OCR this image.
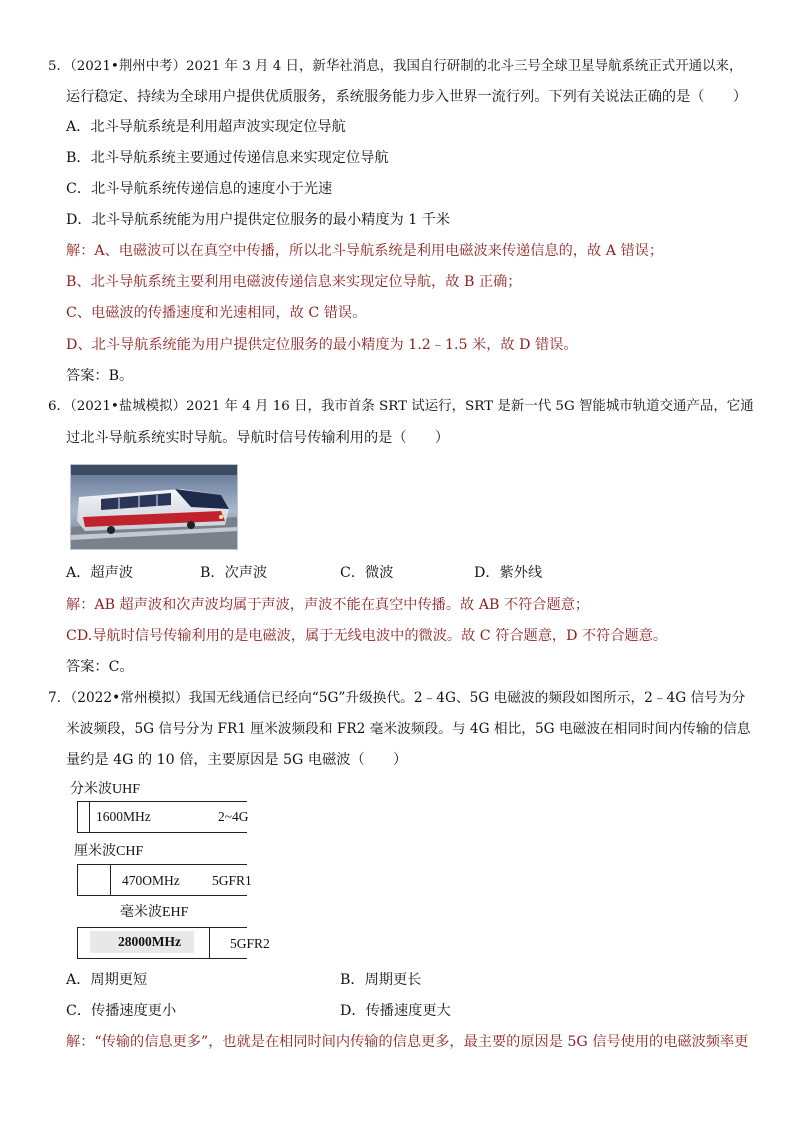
5．（2021•荆州中考）2021 年 3 月 4 日，新华社消息，我国自行研制的北斗三号全球卫星导航系统正式开通以来，
运行稳定、持续为全球用户提供优质服务，系统服务能力步入世界一流行列。下列有关说法正确的是（　　）
A．北斗导航系统是利用超声波实现定位导航
B．北斗导航系统主要通过传递信息来实现定位导航
C．北斗导航系统传递信息的速度小于光速
D．北斗导航系统能为用户提供定位服务的最小精度为 1 千米
解：A、电磁波可以在真空中传播，所以北斗导航系统是利用电磁波来传递信息的，故 A 错误；
B、北斗导航系统主要利用电磁波传递信息来实现定位导航，故 B 正确；
C、电磁波的传播速度和光速相同，故 C 错误。
D、北斗导航系统能为用户提供定位服务的最小精度为 1.2﹣1.5 米，故 D 错误。
答案：B。
6．（2021•盐城模拟）2021 年 4 月 16 日，我市首条 SRT 试运行，SRT 是新一代 5G 智能城市轨道交通产品，它通
过北斗导航系统实时导航。导航时信号传输利用的是（　　）
A．超声波	B．次声波	C．微波	D．紫外线
解：AB 超声波和次声波均属于声波，声波不能在真空中传播。故 AB 不符合题意；
CD.导航时信号传输利用的是电磁波，属于无线电波中的微波。故 C 符合题意，D 不符合题意。
答案：C。
7．（2022•常州模拟）我国无线通信已经向“5G”升级换代。2﹣4G、5G 电磁波的频段如图所示，2﹣4G 信号为分
米波频段，5G 信号分为 FR1 厘米波频段和 FR2 毫米波频段。与 4G 相比，5G 电磁波在相同时间内传输的信息
量约是 4G 的 10 倍，主要原因是 5G 电磁波（　　）
分米波UHF
1600MHz	2~4G
厘米波CHF
470OMHz 5GFR1
毫米波EHF
28000MHz	5GFR2
A．周期更短	B．周期更长
C．传播速度更小	D．传播速度更大
解：“传输的信息更多”，也就是在相同时间内传输的信息更多，最主要的原因是 5G 信号使用的电磁波频率更
